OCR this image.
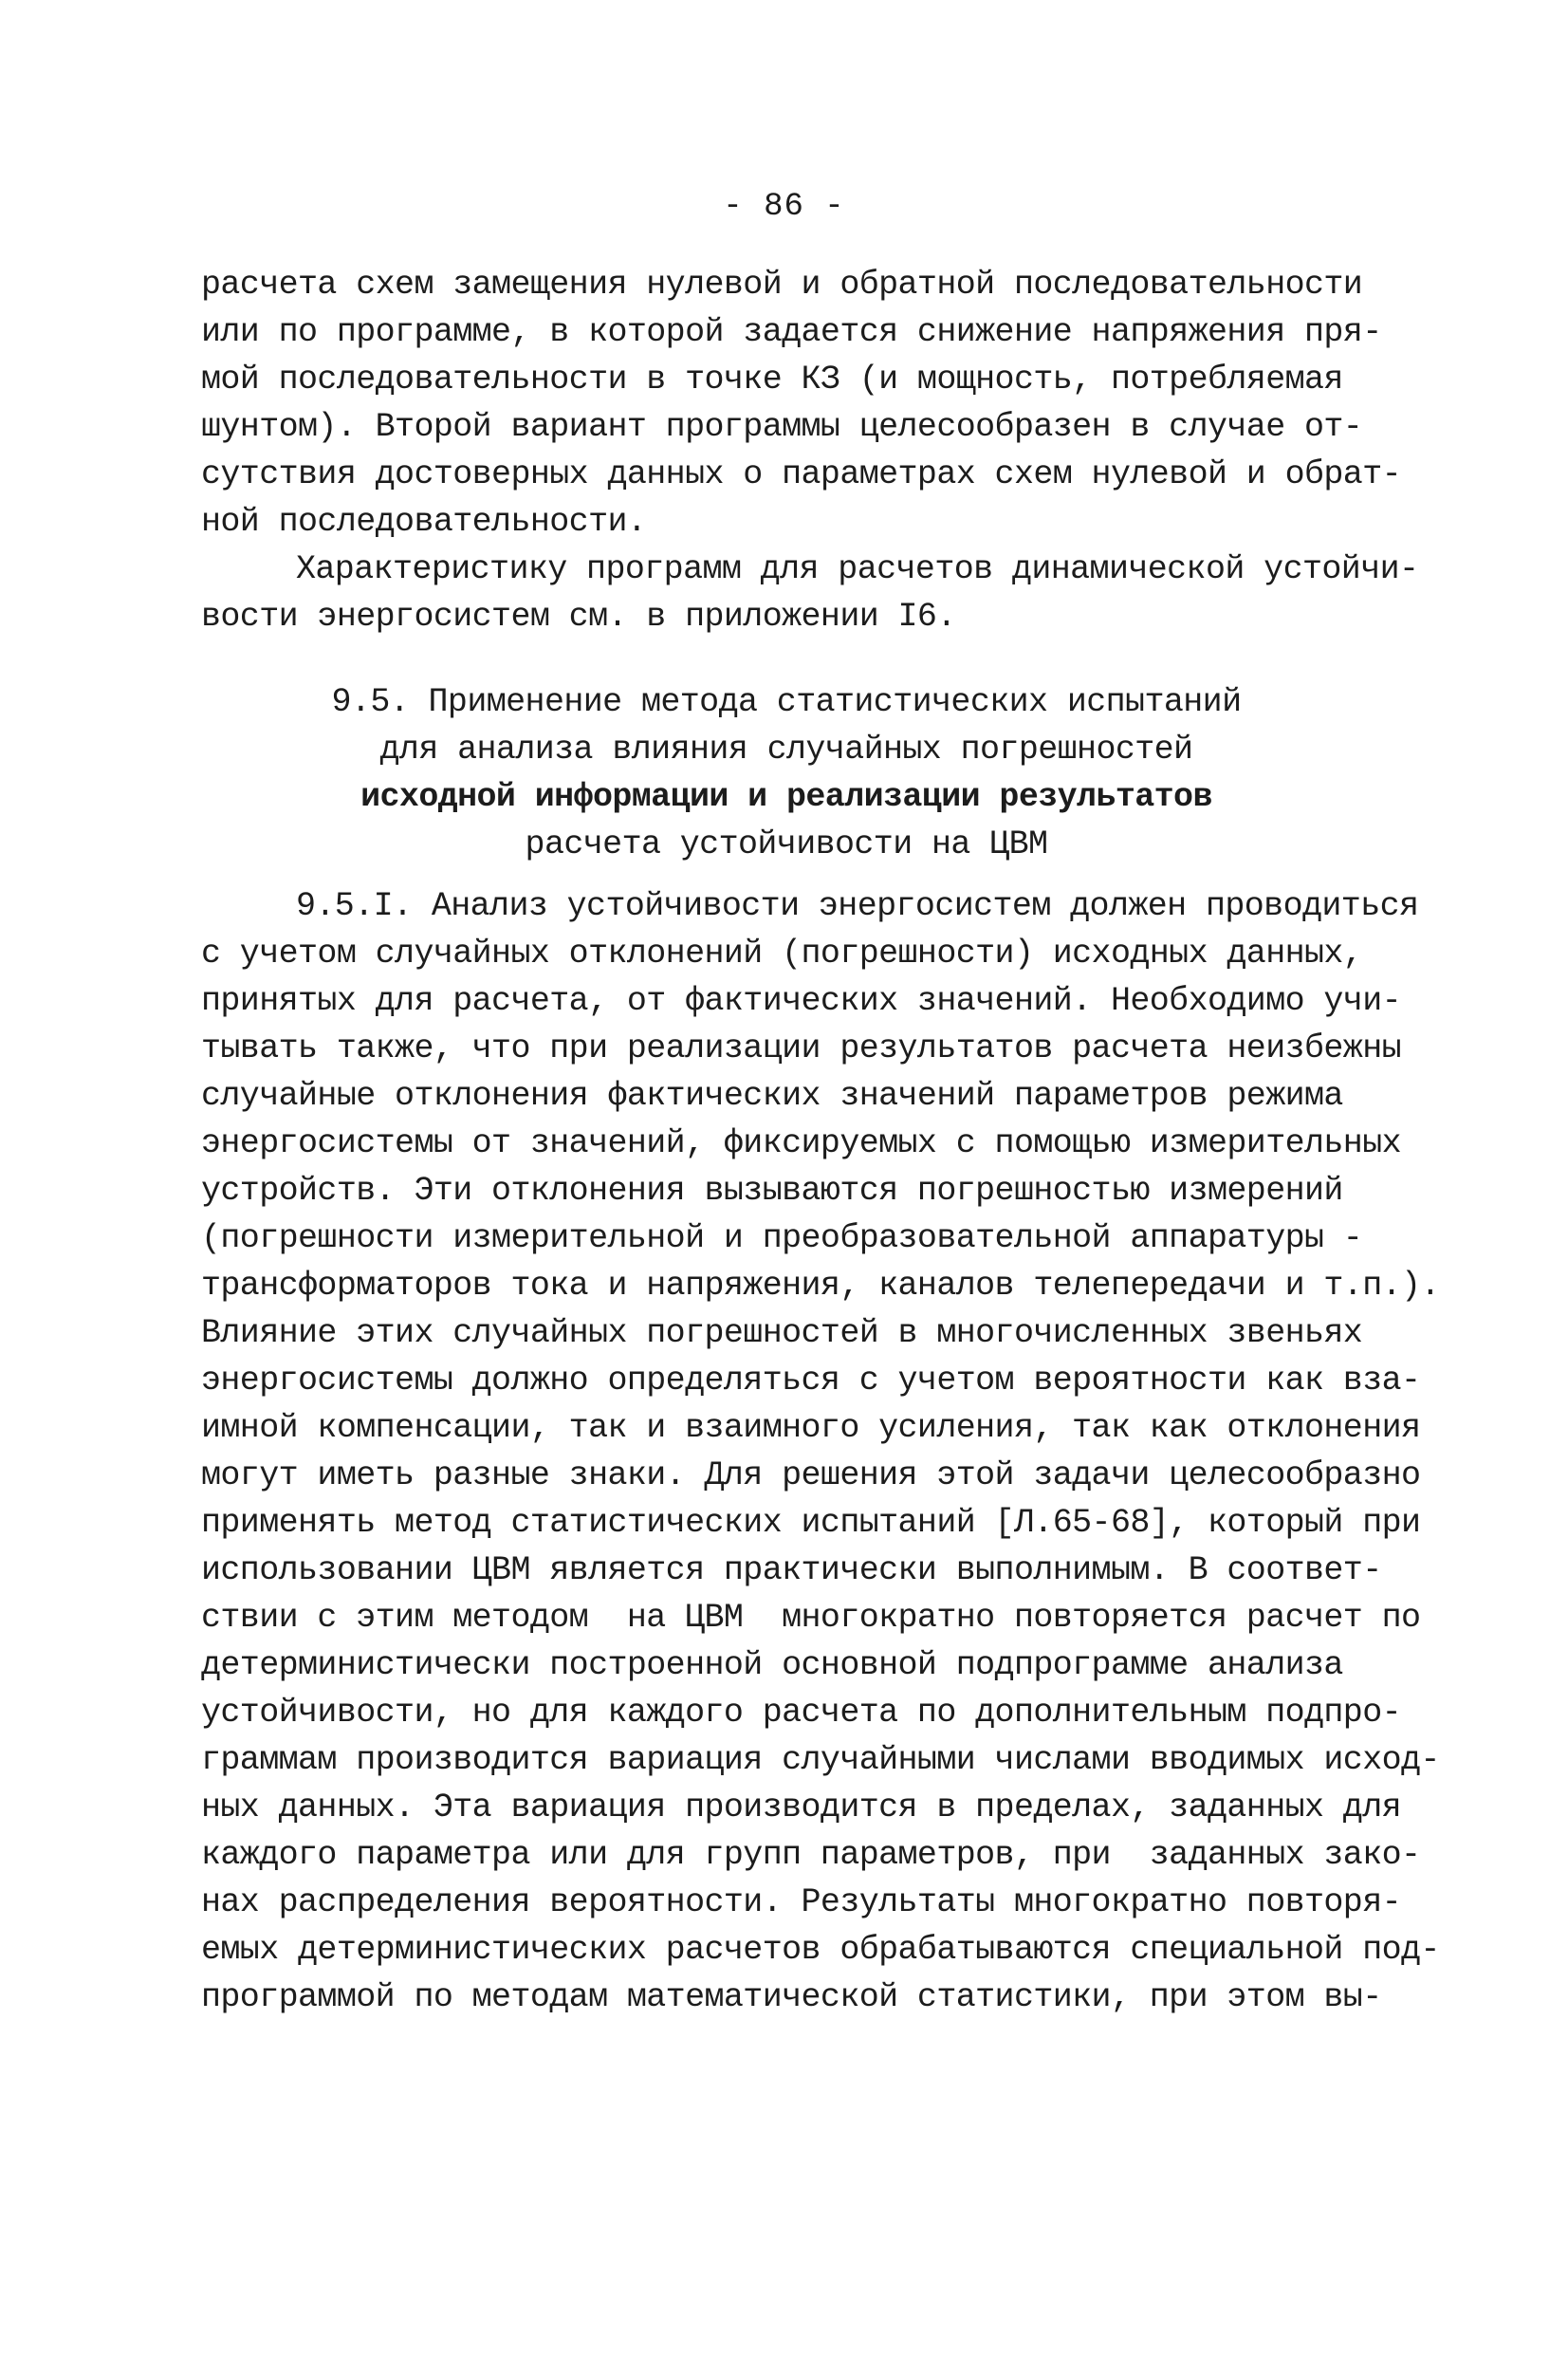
- 86 -
расчета схем замещения нулевой и обратной последовательности
или по программе, в которой задается снижение напряжения пря-
мой последовательности в точке КЗ (и мощность, потребляемая
шунтом). Второй вариант программы целесообразен в случае от-
сутствия достоверных данных о параметрах схем нулевой и обрат-
ной последовательности.
Характеристику программ для расчетов динамической устойчи-
вости энергосистем см. в приложении I6.
9.5. Применение метода статистических испытаний
для анализа влияния случайных погрешностей
исходной информации и реализации результатов
расчета устойчивости на ЦВМ
9.5.I. Анализ устойчивости энергосистем должен проводиться
с учетом случайных отклонений (погрешности) исходных данных,
принятых для расчета, от фактических значений. Необходимо учи-
тывать также, что при реализации результатов расчета неизбежны
случайные отклонения фактических значений параметров режима
энергосистемы от значений, фиксируемых с помощью измерительных
устройств. Эти отклонения вызываются погрешностью измерений
(погрешности измерительной и преобразовательной аппаратуры -
трансформаторов тока и напряжения, каналов телепередачи и т.п.).
Влияние этих случайных погрешностей в многочисленных звеньях
энергосистемы должно определяться с учетом вероятности как вза-
имной компенсации, так и взаимного усиления, так как отклонения
могут иметь разные знаки. Для решения этой задачи целесообразно
применять метод статистических испытаний [Л.65-68], который при
использовании ЦВМ является практически выполнимым. В соответ-
ствии с этим методом  на ЦВМ  многократно повторяется расчет по
детерминистически построенной основной подпрограмме анализа
устойчивости, но для каждого расчета по дополнительным подпро-
граммам производится вариация случайными числами вводимых исход-
ных данных. Эта вариация производится в пределах, заданных для
каждого параметра или для групп параметров, при  заданных зако-
нах распределения вероятности. Результаты многократно повторя-
емых детерминистических расчетов обрабатываются специальной под-
программой по методам математической статистики, при этом вы-
